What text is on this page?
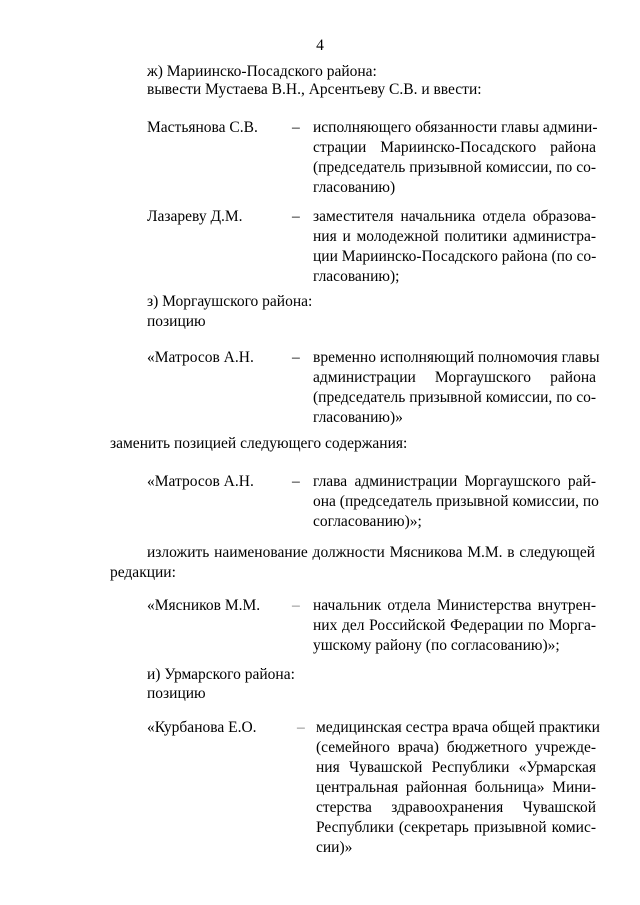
4
ж) Мариинско-Посадского района:
вывести Мустаева В.Н., Арсентьеву С.В. и ввести:
Мастьянова С.В. – исполняющего обязанности главы админи-
страции Мариинско-Посадского района
(председатель призывной комиссии, по со-
гласованию)
Лазареву Д.М.	– заместителя начальника отдела образова-
ния и молодежной политики администра-
ции Мариинско-Посадского района (по со-
гласованию);
з) Моргаушского района:
позицию
«Матросов А.Н. – временно исполняющий полномочия главы
администрации Моргаушского района
(председатель призывной комиссии, по со-
гласованию)»
заменить позицией следующего содержания:
«Матросов А.Н. – глава администрации Моргаушского рай-
она (председатель призывной комиссии, по
согласованию)»;
изложить наименование должности Мясникова М.М. в следующей
редакции:
«Мясников М.М. – начальник отдела Министерства внутрен-
них дел Российской Федерации по Морга-
ушскому району (по согласованию)»;
и) Урмарского района:
позицию
«Курбанова Е.О.	– медицинская сестра врача общей практики
(семейного врача) бюджетного учрежде-
ния Чувашской Республики «Урмарская
центральная районная больница» Мини-
стерства здравоохранения Чувашской
Республики (секретарь призывной комис-
сии)»
